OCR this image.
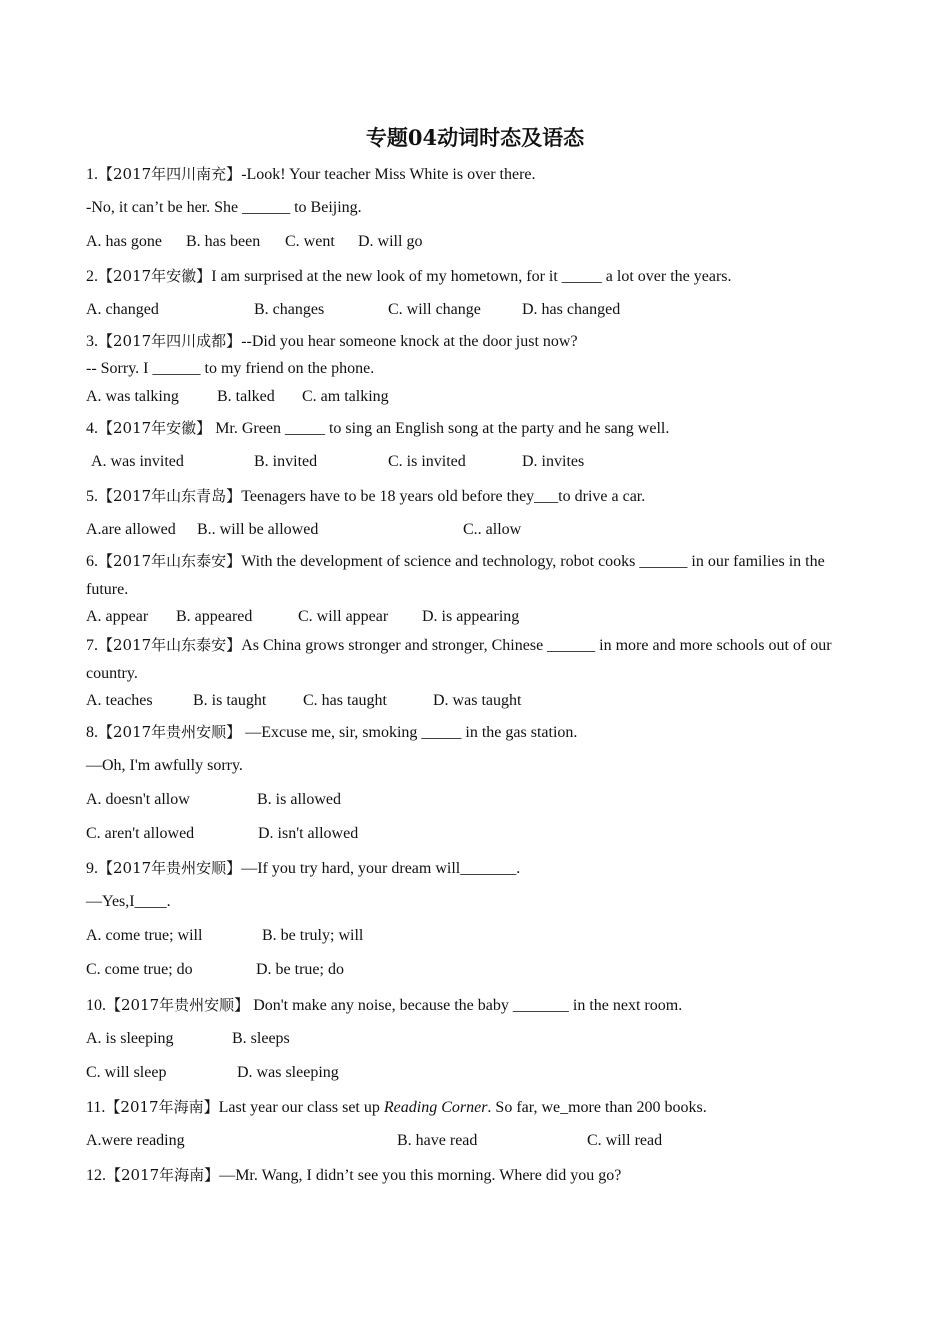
专题04动词时态及语态
1.【2017年四川南充】-Look! Your teacher Miss White is over there.
-No, it can’t be her. She ______ to Beijing.
A. has gone B. has been C. went D. will go
2.【2017年安徽】I am surprised at the new look of my hometown, for it _____ a lot over the years.
A. changed	B. changes	C. will change	D. has changed
3.【2017年四川成都】--Did you hear someone knock at the door just now?
-- Sorry. I ______ to my friend on the phone.
A. was talking B. talked C. am talking
4.【2017年安徽】 Mr. Green _____ to sing an English song at the party and he sang well.
A. was invited	B. invited	C. is invited	D. invites
5.【2017年山东青岛】Teenagers have to be 18 years old before they___to drive a car.
A.are allowed B.. will be allowed	C.. allow
6.【2017年山东泰安】With the development of science and technology, robot cooks ______ in our families in the future.
A. appear B. appeared	C. will appear D. is appearing
7.【2017年山东泰安】As China grows stronger and stronger, Chinese ______ in more and more schools out of our country.
A. teaches	B. is taught C. has taught	D. was taught
8.【2017年贵州安顺】 —Excuse me, sir, smoking _____ in the gas station.
—Oh, I'm awfully sorry.
A. doesn't allow	B. is allowed
C. aren't allowed	D. isn't allowed
9.【2017年贵州安顺】—If you try hard, your dream will_______.
—Yes,I____.
A. come true; will	B. be truly; will
C. come true; do	D. be true; do
10.【2017年贵州安顺】 Don't make any noise, because the baby _______ in the next room.
A. is sleeping	B. sleeps
C. will sleep	D. was sleeping
11.【2017年海南】Last year our class set up Reading Corner. So far, we_more than 200 books.
A.were reading	B. have read	C. will read
12.【2017年海南】—Mr. Wang, I didn’t see you this morning. Where did you go?
